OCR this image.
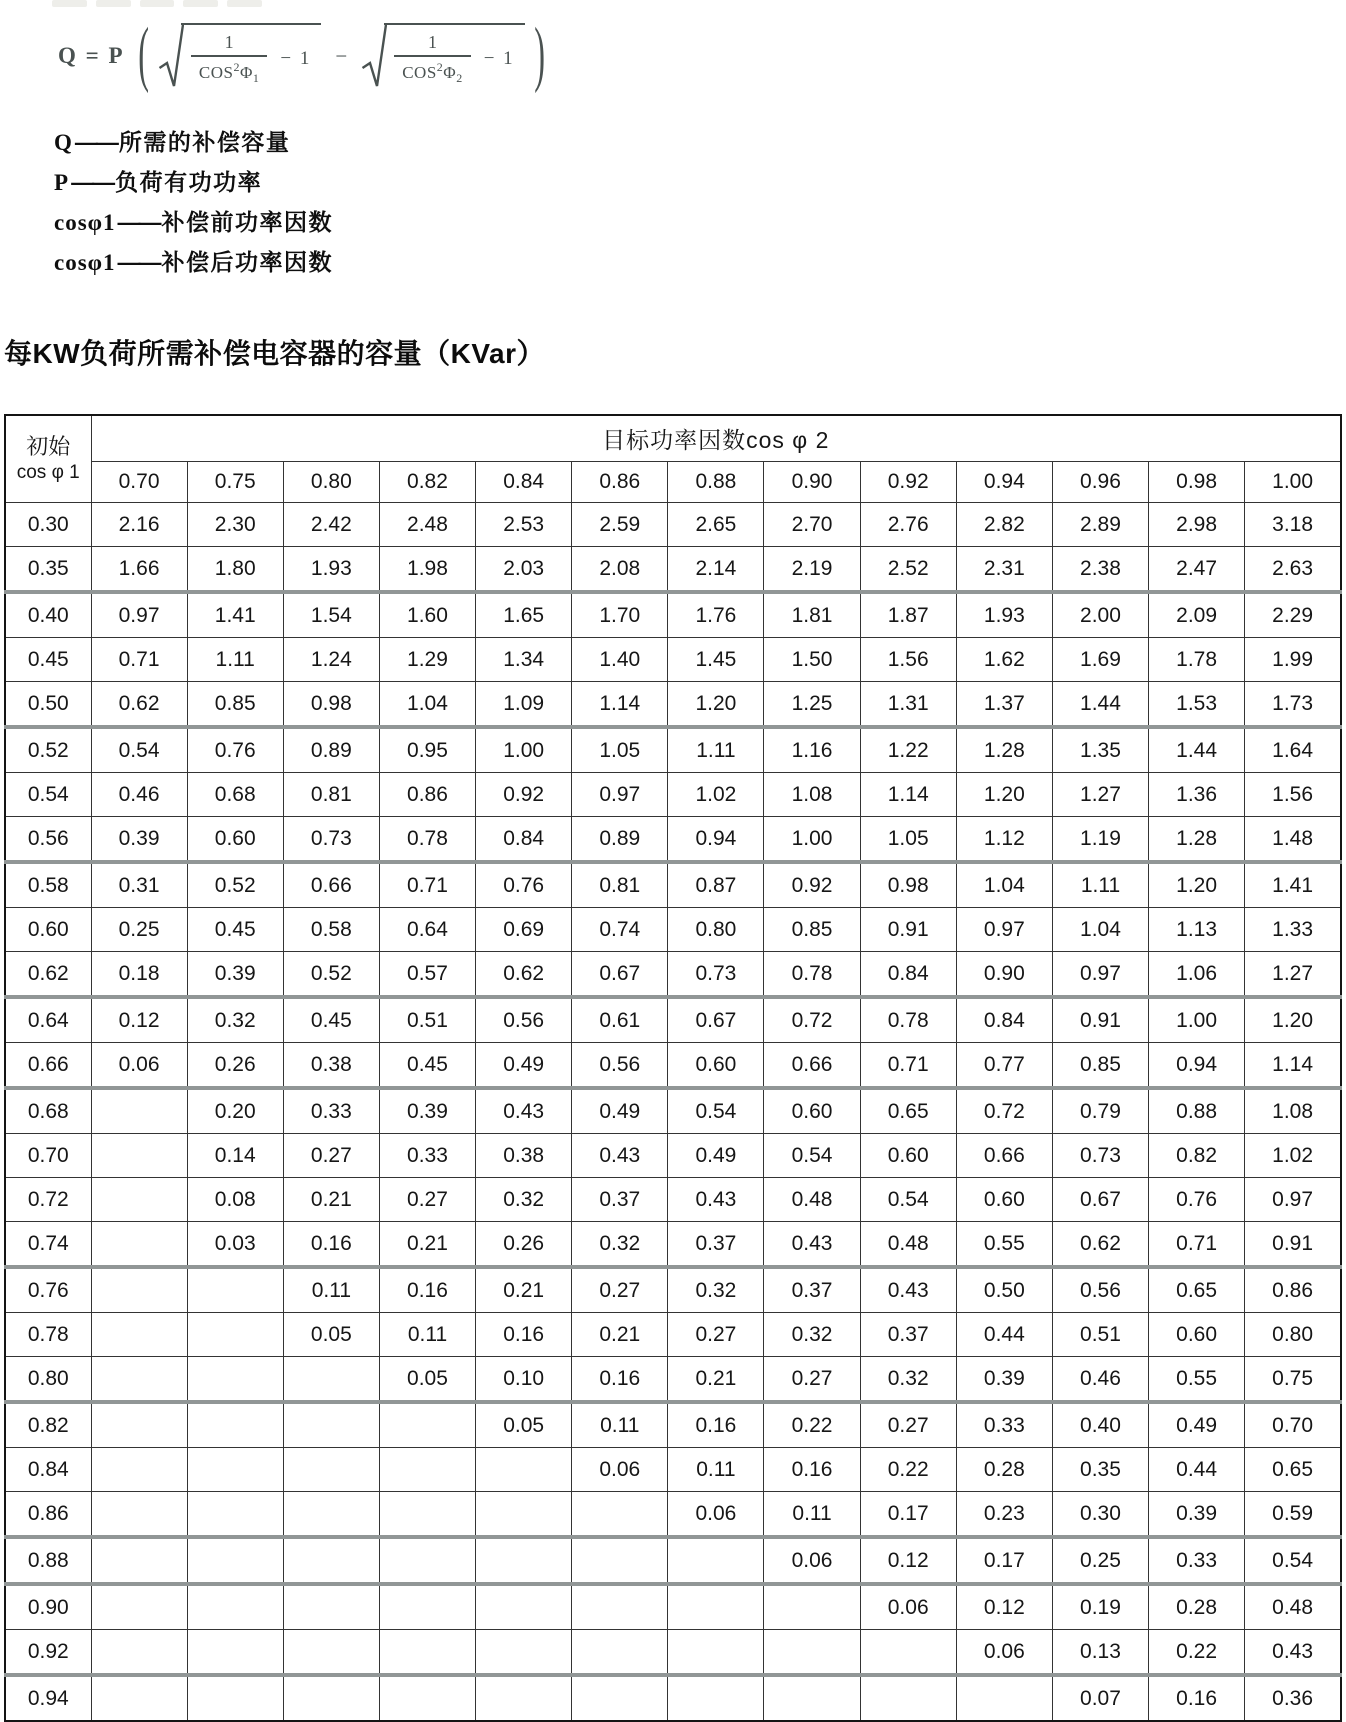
Q = P ( $\frac{1}{COS^2\Phi_1} - 1$ −	$\frac{1}{COS^2\Phi_2} - 1$ )
Q —— 所需的补偿容量
P —— 负荷有功功率
cosφ1 —— 补偿前功率因数
cosφ1 —— 补偿后功率因数
每KW负荷所需补偿电容器的容量（KVar）
初始
cos φ 1	目标功率因数cos φ 2												
	0.70	0.75	0.80	0.82	0.84	0.86	0.88	0.90	0.92	0.94	0.96	0.98	1.00
0.30	2.16	2.30	2.42	2.48	2.53	2.59	2.65	2.70	2.76	2.82	2.89	2.98	3.18
0.35	1.66	1.80	1.93	1.98	2.03	2.08	2.14	2.19	2.52	2.31	2.38	2.47	2.63
0.40	0.97	1.41	1.54	1.60	1.65	1.70	1.76	1.81	1.87	1.93	2.00	2.09	2.29
0.45	0.71	1.11	1.24	1.29	1.34	1.40	1.45	1.50	1.56	1.62	1.69	1.78	1.99
0.50	0.62	0.85	0.98	1.04	1.09	1.14	1.20	1.25	1.31	1.37	1.44	1.53	1.73
0.52	0.54	0.76	0.89	0.95	1.00	1.05	1.11	1.16	1.22	1.28	1.35	1.44	1.64
0.54	0.46	0.68	0.81	0.86	0.92	0.97	1.02	1.08	1.14	1.20	1.27	1.36	1.56
0.56	0.39	0.60	0.73	0.78	0.84	0.89	0.94	1.00	1.05	1.12	1.19	1.28	1.48
0.58	0.31	0.52	0.66	0.71	0.76	0.81	0.87	0.92	0.98	1.04	1.11	1.20	1.41
0.60	0.25	0.45	0.58	0.64	0.69	0.74	0.80	0.85	0.91	0.97	1.04	1.13	1.33
0.62	0.18	0.39	0.52	0.57	0.62	0.67	0.73	0.78	0.84	0.90	0.97	1.06	1.27
0.64	0.12	0.32	0.45	0.51	0.56	0.61	0.67	0.72	0.78	0.84	0.91	1.00	1.20
0.66	0.06	0.26	0.38	0.45	0.49	0.56	0.60	0.66	0.71	0.77	0.85	0.94	1.14
0.68		0.20	0.33	0.39	0.43	0.49	0.54	0.60	0.65	0.72	0.79	0.88	1.08
0.70		0.14	0.27	0.33	0.38	0.43	0.49	0.54	0.60	0.66	0.73	0.82	1.02
0.72		0.08	0.21	0.27	0.32	0.37	0.43	0.48	0.54	0.60	0.67	0.76	0.97
0.74		0.03	0.16	0.21	0.26	0.32	0.37	0.43	0.48	0.55	0.62	0.71	0.91
0.76			0.11	0.16	0.21	0.27	0.32	0.37	0.43	0.50	0.56	0.65	0.86
0.78			0.05	0.11	0.16	0.21	0.27	0.32	0.37	0.44	0.51	0.60	0.80
0.80				0.05	0.10	0.16	0.21	0.27	0.32	0.39	0.46	0.55	0.75
0.82					0.05	0.11	0.16	0.22	0.27	0.33	0.40	0.49	0.70
0.84						0.06	0.11	0.16	0.22	0.28	0.35	0.44	0.65
0.86							0.06	0.11	0.17	0.23	0.30	0.39	0.59
0.88								0.06	0.12	0.17	0.25	0.33	0.54
0.90									0.06	0.12	0.19	0.28	0.48
0.92										0.06	0.13	0.22	0.43
0.94											0.07	0.16	0.36
